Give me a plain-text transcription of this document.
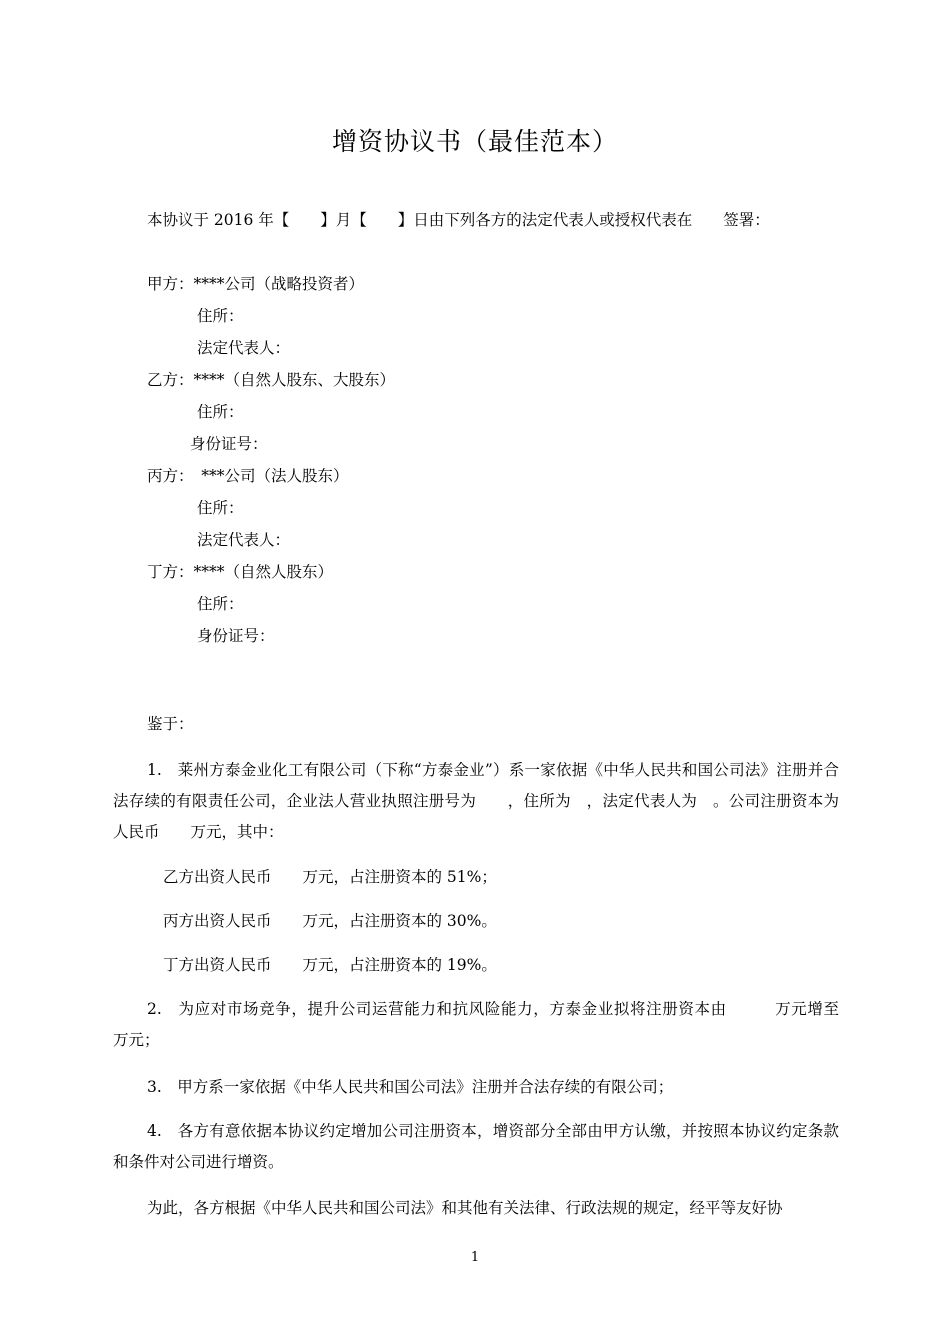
增资协议书（最佳范本）
本协议于 2016 年【　　】月【　　】日由下列各方的法定代表人或授权代表在　　签署：
甲方：****公司（战略投资者）
住所：
法定代表人：
乙方：****（自然人股东、大股东）
住所：
身份证号：
丙方：　***公司（法人股东）
住所：
法定代表人：
丁方：****（自然人股东）
住所：
身份证号：
鉴于：
1.　莱州方泰金业化工有限公司（下称“方泰金业”）系一家依据《中华人民共和国公司法》注册并合法存续的有限责任公司，企业法人营业执照注册号为　　，住所为　，法定代表人为　。公司注册资本为人民币　　万元，其中：
乙方出资人民币　　万元，占注册资本的 51%；
丙方出资人民币　　万元，占注册资本的 30%。
丁方出资人民币　　万元，占注册资本的 19%。
2.　为应对市场竞争，提升公司运营能力和抗风险能力，方泰金业拟将注册资本由　　　万元增至　　　万元；
3.　甲方系一家依据《中华人民共和国公司法》注册并合法存续的有限公司；
4.　各方有意依据本协议约定增加公司注册资本，增资部分全部由甲方认缴，并按照本协议约定条款和条件对公司进行增资。
为此，各方根据《中华人民共和国公司法》和其他有关法律、行政法规的规定，经平等友好协
1
